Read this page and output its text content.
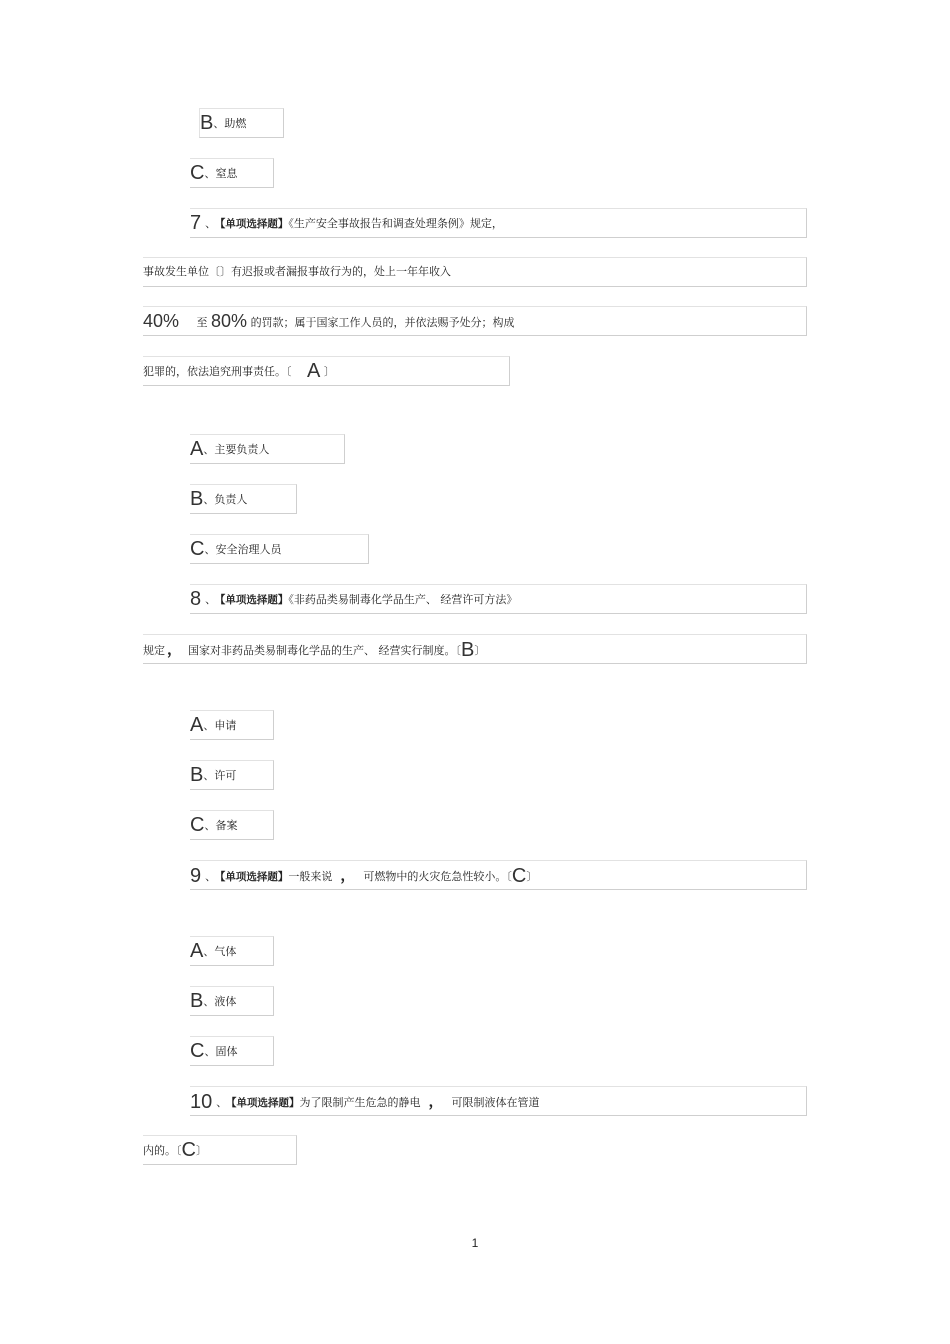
B、助燃
C、窒息
7 、 【单项选择题】《生产安全事故报告和调查处理条例》规定，
事故发生单位〔〕有迟报或者漏报事故行为的，处上一年年收入
40% 至 80% 的罚款；属于国家工作人员的，并依法赐予处分；构成
犯罪的，依法追究刑事责任。〔 A 〕
A、主要负责人
B、负责人
C、安全治理人员
8 、 【单项选择题】《非药品类易制毒化学品生产、 经营许可方法》
规定 ， 国家对非药品类易制毒化学品的生产、 经营实行制度。〔B〕
A、申请
B、许可
C、备案
9 、 【单项选择题】一般来说 ， 可燃物中的火灾危急性较小。〔C〕
A、气体
B、液体
C、固体
10 、 【单项选择题】为了限制产生危急的静电 ， 可限制液体在管道
内的。〔C〕
1
